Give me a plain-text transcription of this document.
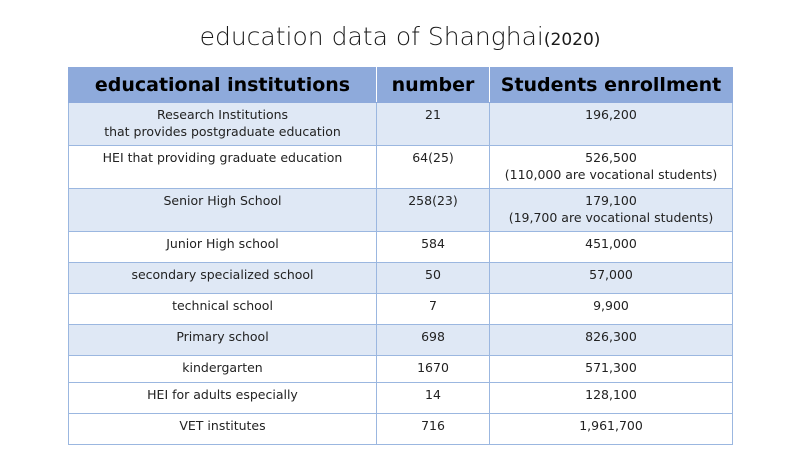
education data of Shanghai(2020)
educational institutions	number	Students enrollment
Research Institutions
that provides postgraduate education	21	196,200
HEI that providing graduate education	64(25)	526,500
(110,000 are vocational students)
Senior High School	258(23)	179,100
(19,700 are vocational students)
Junior High school	584	451,000
secondary specialized school	50	57,000
technical school	7	9,900
Primary school	698	826,300
kindergarten	1670	571,300
HEI for adults especially	14	128,100
VET institutes	716	1,961,700
